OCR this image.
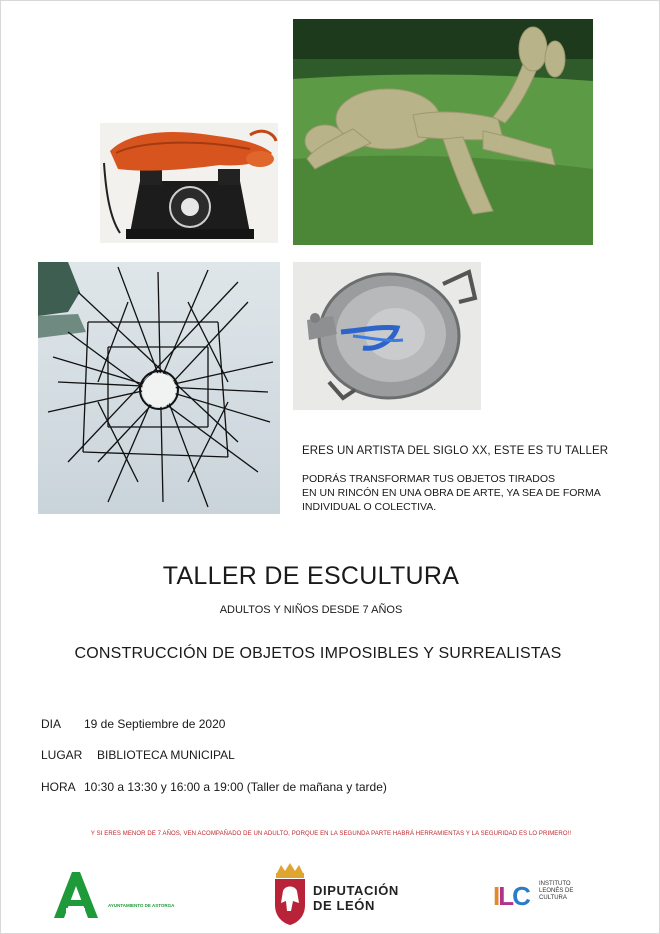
ERES UN ARTISTA DEL SIGLO XX, ESTE ES TU TALLER
PODRÁS TRANSFORMAR TUS OBJETOS TIRADOS
EN UN RINCÓN EN UNA OBRA DE ARTE, YA SEA DE FORMA
INDIVIDUAL O COLECTIVA.
TALLER DE ESCULTURA
ADULTOS Y NIÑOS DESDE 7 AÑOS
CONSTRUCCIÓN DE OBJETOS IMPOSIBLES Y SURREALISTAS
DIA 19 de Septiembre de 2020
LUGAR BIBLIOTECA MUNICIPAL
HORA 10:30 a 13:30 y 16:00 a 19:00 (Taller de mañana y tarde)
Y SI ERES MENOR DE 7 AÑOS, VEN ACOMPAÑADO DE UN ADULTO, PORQUE EN LA SEGUNDA PARTE HABRÁ HERRAMIENTAS Y LA SEGURIDAD ES LO PRIMERO!!
AYUNTAMIENTO DE ASTORGA
DIPUTACIÓN
DE LEÓN	ILC INSTITUTO
LEONÉS DE
CULTURA
